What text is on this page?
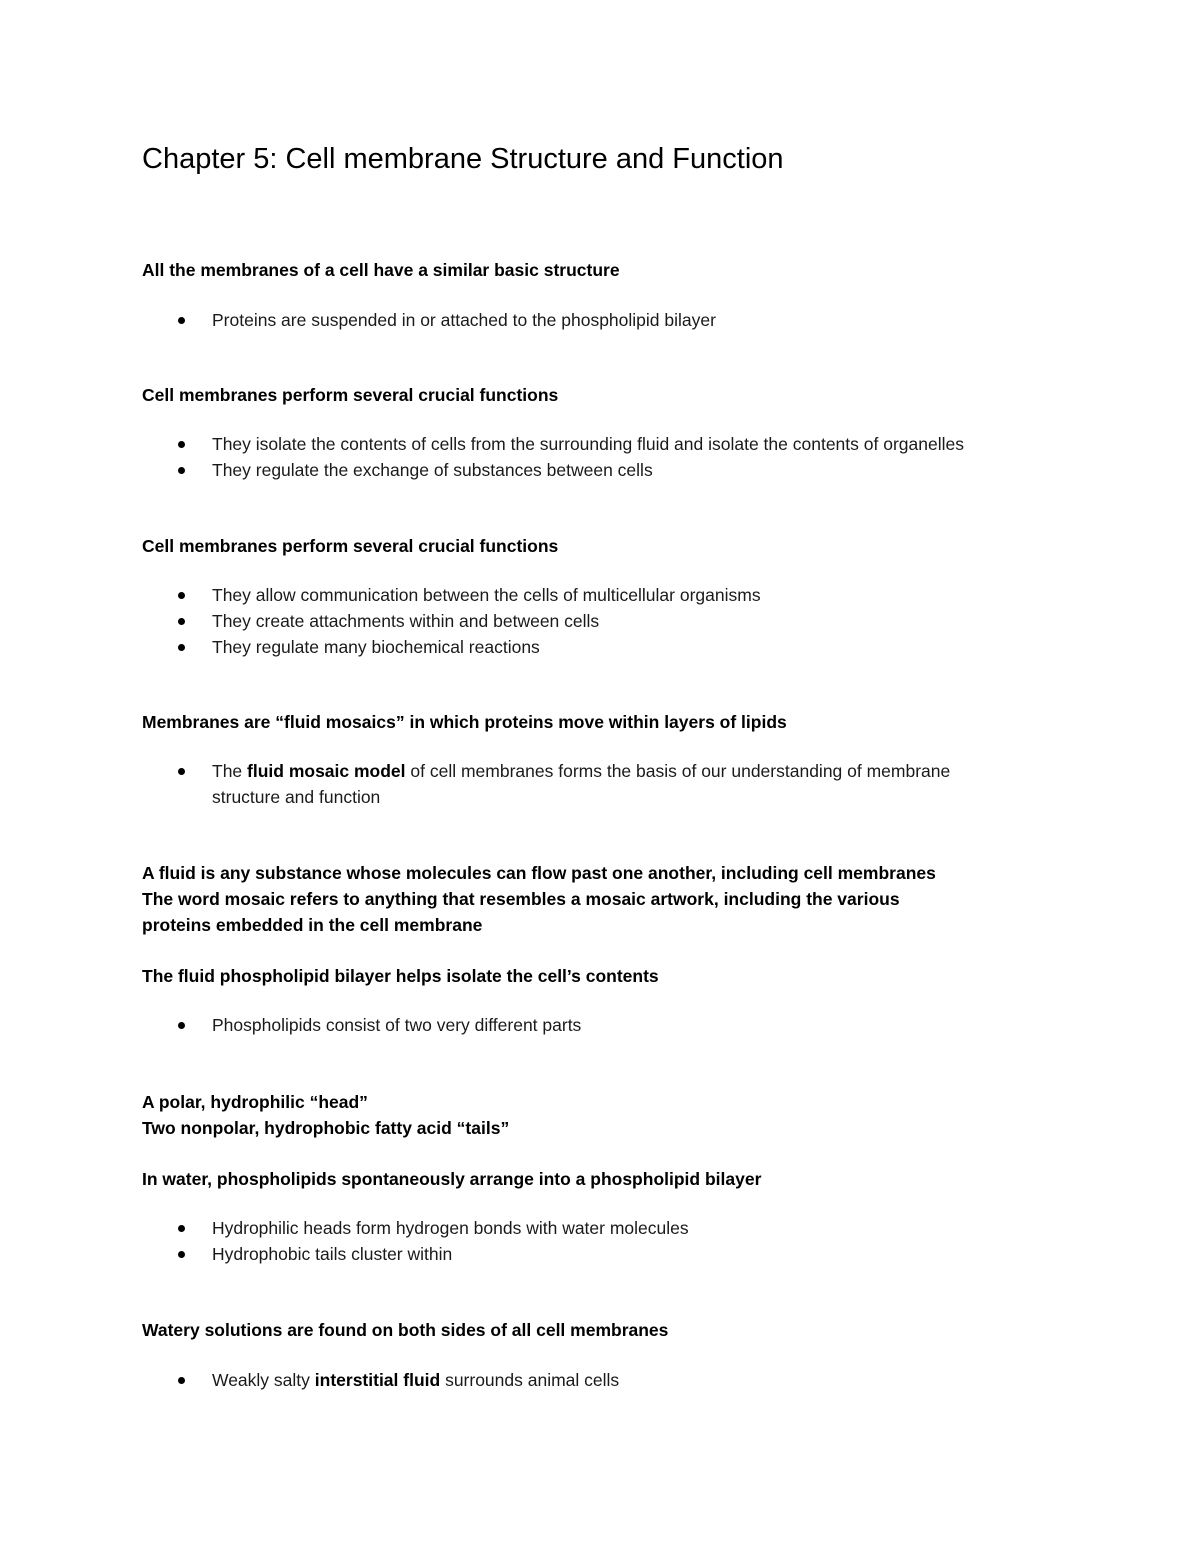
Chapter 5: Cell membrane Structure and Function
All the membranes of a cell have a similar basic structure
Proteins are suspended in or attached to the phospholipid bilayer
Cell membranes perform several crucial functions
They isolate the contents of cells from the surrounding fluid and isolate the contents of organelles
They regulate the exchange of substances between cells
Cell membranes perform several crucial functions
They allow communication between the cells of multicellular organisms
They create attachments within and between cells
They regulate many biochemical reactions
Membranes are “fluid mosaics” in which proteins move within layers of lipids
The fluid mosaic model of cell membranes forms the basis of our understanding of membrane
structure and function
A fluid is any substance whose molecules can flow past one another, including cell membranes
The word mosaic refers to anything that resembles a mosaic artwork, including the various
proteins embedded in the cell membrane
The fluid phospholipid bilayer helps isolate the cell’s contents
Phospholipids consist of two very different parts
A polar, hydrophilic “head”
Two nonpolar, hydrophobic fatty acid “tails”
In water, phospholipids spontaneously arrange into a phospholipid bilayer
Hydrophilic heads form hydrogen bonds with water molecules
Hydrophobic tails cluster within
Watery solutions are found on both sides of all cell membranes
Weakly salty interstitial fluid surrounds animal cells
